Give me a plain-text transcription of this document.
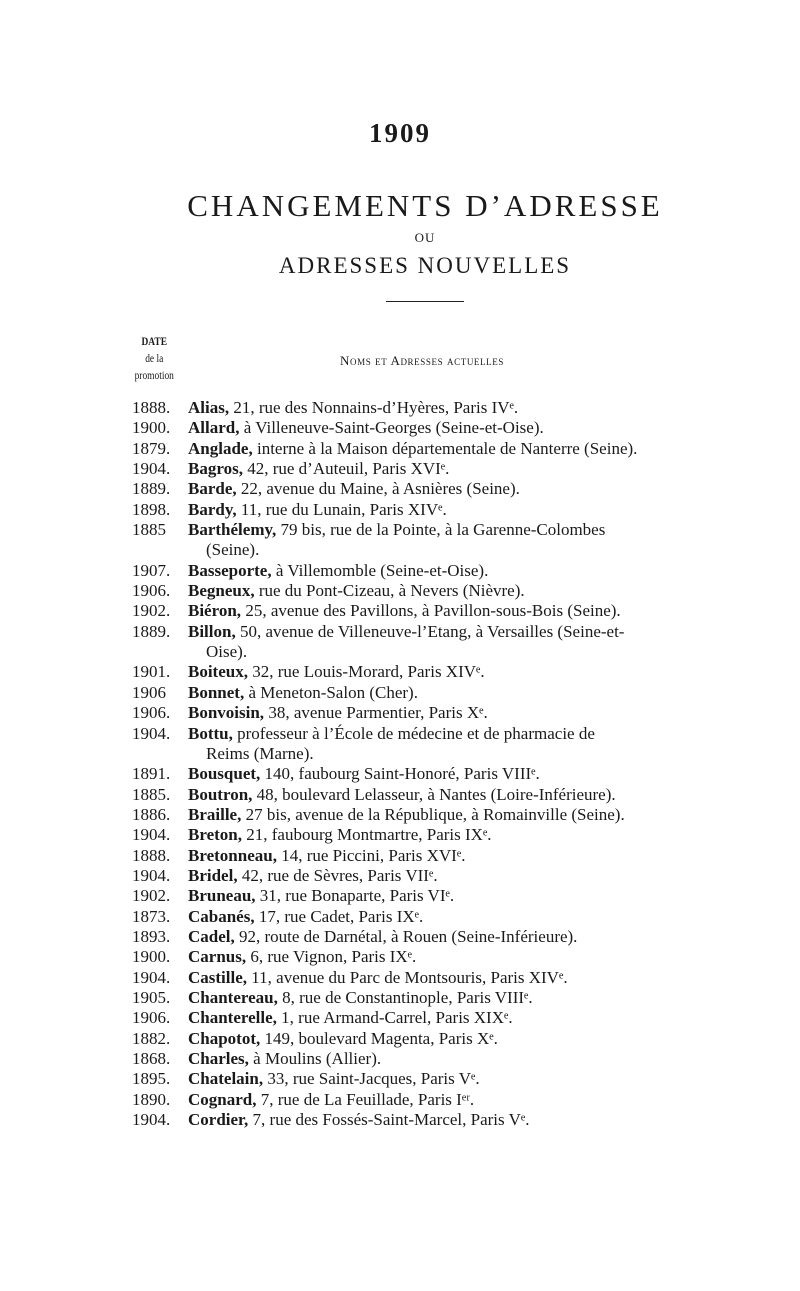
1909
CHANGEMENTS D’ADRESSE
OU
ADRESSES NOUVELLES
DATE
de la
promotion
Noms et Adresses actuelles
1888.	Alias, 21, rue des Nonnains-d’Hyères, Paris IVᵉ.
1900.	Allard, à Villeneuve-Saint-Georges (Seine-et-Oise).
1879.	Anglade, interne à la Maison départementale de Nanterre (Seine).
1904.	Bagros, 42, rue d’Auteuil, Paris XVIᵉ.
1889.	Barde, 22, avenue du Maine, à Asnières (Seine).
1898.	Bardy, 11, rue du Lunain, Paris XIVᵉ.
1885	Barthélemy, 79 bis, rue de la Pointe, à la Garenne-Colombes
(Seine).
1907.	Basseporte, à Villemomble (Seine-et-Oise).
1906.	Begneux, rue du Pont-Cizeau, à Nevers (Nièvre).
1902.	Biéron, 25, avenue des Pavillons, à Pavillon-sous-Bois (Seine).
1889.	Billon, 50, avenue de Villeneuve-l’Etang, à Versailles (Seine-et-
Oise).
1901.	Boiteux, 32, rue Louis-Morard, Paris XIVᵉ.
1906	Bonnet, à Meneton-Salon (Cher).
1906.	Bonvoisin, 38, avenue Parmentier, Paris Xᵉ.
1904.	Bottu, professeur à l’École de médecine et de pharmacie de
Reims (Marne).
1891.	Bousquet, 140, faubourg Saint-Honoré, Paris VIIIᵉ.
1885.	Boutron, 48, boulevard Lelasseur, à Nantes (Loire-Inférieure).
1886.	Braille, 27 bis, avenue de la République, à Romainville (Seine).
1904.	Breton, 21, faubourg Montmartre, Paris IXᵉ.
1888.	Bretonneau, 14, rue Piccini, Paris XVIᵉ.
1904.	Bridel, 42, rue de Sèvres, Paris VIIᵉ.
1902.	Bruneau, 31, rue Bonaparte, Paris VIᵉ.
1873.	Cabanés, 17, rue Cadet, Paris IXᵉ.
1893.	Cadel, 92, route de Darnétal, à Rouen (Seine-Inférieure).
1900.	Carnus, 6, rue Vignon, Paris IXᵉ.
1904.	Castille, 11, avenue du Parc de Montsouris, Paris XIVᵉ.
1905.	Chantereau, 8, rue de Constantinople, Paris VIIIᵉ.
1906.	Chanterelle, 1, rue Armand-Carrel, Paris XIXᵉ.
1882.	Chapotot, 149, boulevard Magenta, Paris Xᵉ.
1868.	Charles, à Moulins (Allier).
1895.	Chatelain, 33, rue Saint-Jacques, Paris Vᵉ.
1890.	Cognard, 7, rue de La Feuillade, Paris Iᵉʳ.
1904.	Cordier, 7, rue des Fossés-Saint-Marcel, Paris Vᵉ.
